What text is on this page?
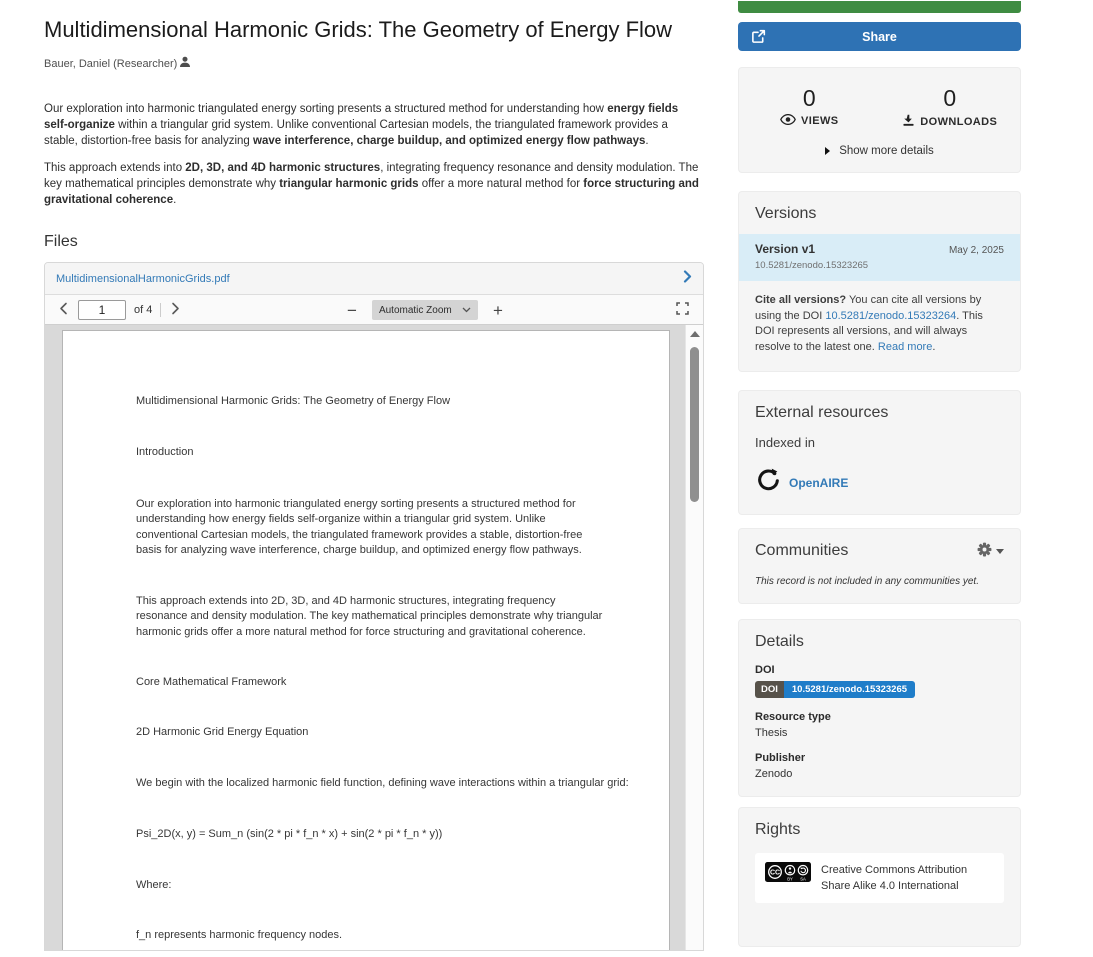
Multidimensional Harmonic Grids: The Geometry of Energy Flow
Bauer, Daniel (Researcher)

Our exploration into harmonic triangulated energy sorting presents a structured method for understanding how energy fields self-organize within a triangular grid system. Unlike conventional Cartesian models, the triangulated framework provides a stable, distortion-free basis for analyzing wave interference, charge buildup, and optimized energy flow pathways.

This approach extends into 2D, 3D, and 4D harmonic structures, integrating frequency resonance and density modulation. The key mathematical principles demonstrate why triangular harmonic grids offer a more natural method for force structuring and gravitational coherence.

Files
MultidimensionalHarmonicGrids.pdf
1
of 4	− Automatic Zoom +
Multidimensional Harmonic Grids: The Geometry of Energy Flow
Introduction
Our exploration into harmonic triangulated energy sorting presents a structured method for understanding how energy fields self-organize within a triangular grid system. Unlike conventional Cartesian models, the triangulated framework provides a stable, distortion-free basis for analyzing wave interference, charge buildup, and optimized energy flow pathways.
This approach extends into 2D, 3D, and 4D harmonic structures, integrating frequency resonance and density modulation. The key mathematical principles demonstrate why triangular harmonic grids offer a more natural method for force structuring and gravitational coherence.
Core Mathematical Framework
2D Harmonic Grid Energy Equation
We begin with the localized harmonic field function, defining wave interactions within a triangular grid:
Psi_2D(x, y) = Sum_n (sin(2 * pi * f_n * x) + sin(2 * pi * f_n * y))
Where:
f_n represents harmonic frequency nodes.
Share
0
VIEWS
0
DOWNLOADS
Show more details
Versions
Version v1	May 2, 2025
10.5281/zenodo.15323265
Cite all versions? You can cite all versions by using the DOI 10.5281/zenodo.15323264. This DOI represents all versions, and will always resolve to the latest one. Read more.
External resources
Indexed in
OpenAIRE
Communities
This record is not included in any communities yet.
Details
DOI
DOI	10.5281/zenodo.15323265
Resource type
Thesis
Publisher
Zenodo
Rights
CC
BY SA
Creative Commons Attribution
Share Alike 4.0 International
